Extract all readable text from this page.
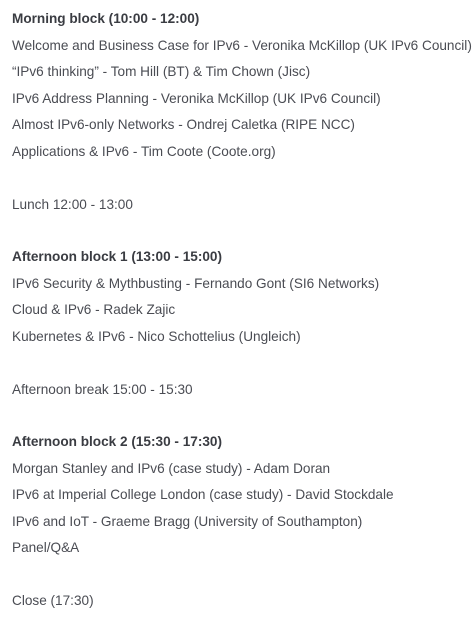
Morning block (10:00 - 12:00)
Welcome and Business Case for IPv6 - Veronika McKillop (UK IPv6 Council)
“IPv6 thinking” - Tom Hill (BT) & Tim Chown (Jisc)
IPv6 Address Planning - Veronika McKillop (UK IPv6 Council)
Almost IPv6-only Networks - Ondrej Caletka (RIPE NCC)
Applications & IPv6 - Tim Coote (Coote.org)
Lunch 12:00 - 13:00
Afternoon block 1 (13:00 - 15:00)
IPv6 Security & Mythbusting - Fernando Gont (SI6 Networks)
Cloud & IPv6 - Radek Zajic
Kubernetes & IPv6 - Nico Schottelius (Ungleich)
Afternoon break 15:00 - 15:30
Afternoon block 2 (15:30 - 17:30)
Morgan Stanley and IPv6 (case study) - Adam Doran
IPv6 at Imperial College London (case study) - David Stockdale
IPv6 and IoT - Graeme Bragg (University of Southampton)
Panel/Q&A
Close (17:30)
